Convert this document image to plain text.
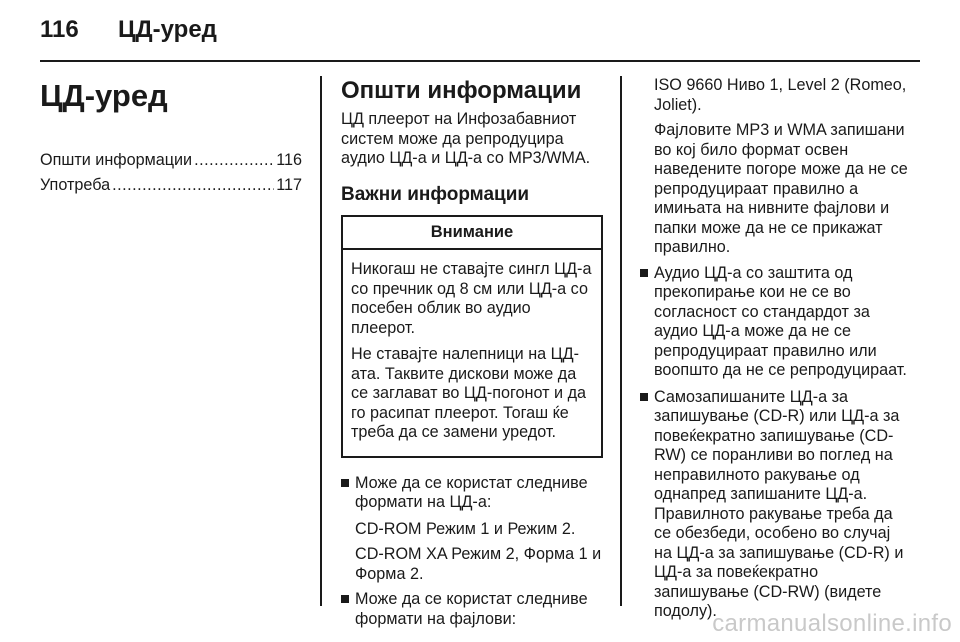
116 ЦД-уред
ЦД-уред
Општи информации .....	116
Употреба .....	117
Општи информации

ЦД плеерот на Инфозабавниот систем може да репродуцира аудио ЦД-а и ЦД-а со MP3/WMA.

Важни информации
Внимание

Никогаш не ставајте сингл ЦД-а со пречник од 8 см или ЦД-а со посебен облик во аудио плеерот.

Не ставајте налепници на ЦД-ата. Таквите дискови може да се заглават во ЦД-погонот и да го расипат плеерот. Тогаш ќе треба да се замени уредот.

Може да се користат следниве формати на ЦД-а:

CD-ROM Режим 1 и Режим 2.

CD-ROM XA Режим 2, Форма 1 и Форма 2.

Може да се користат следниве формати на фајлови:

ISO 9660 Ниво 1, Level 2 (Romeo, Joliet).

Фајловите MP3 и WMA запишани во кој било формат освен наведените погоре може да не се репродуцираат правилно а имињата на нивните фајлови и папки може да не се прикажат правилно.

Аудио ЦД-а со заштита од прекопирање кои не се во согласност со стандардот за аудио ЦД-а може да не се репродуцираат правилно или воопшто да не се репродуцираат.
Самозапишаните ЦД-а за запишување (CD-R) или ЦД-а за повеќекратно запишување (CD-RW) се поранливи во поглед на неправилното ракување од однапред запишаните ЦД-а. Правилното ракување треба да се обезбеди, особено во случај на ЦД-а за запишување (CD-R) и ЦД-а за повеќекратно запишување (CD-RW) (видете подолу).
carmanualsonline.info
